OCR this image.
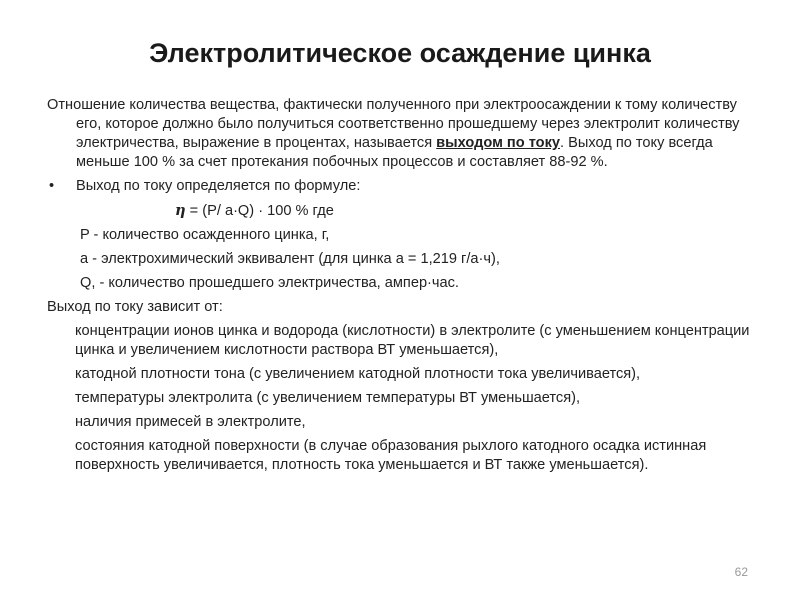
Электролитическое осаждение цинка

Отношение количества вещества, фактически полученного при электроосаждении к тому количеству его, которое должно было получиться соответственно прошедшему через электролит количеству электричества, выражение в процентах, называется выходом по току. Выход по току всегда меньше 100 % за счет протекания побочных процессов и составляет 88-92 %.

• Выход по току определяется по формуле:
η = (P/ a·Q) · 100 % где
P - количество осажденного цинка, г,
a - электрохимический эквивалент (для цинка a = 1,219 г/а·ч),
Q, - количество прошедшего электричества, ампер·час.
Выход по току зависит от:
концентрации ионов цинка и водорода (кислотности) в электролите (с уменьшением концентрации цинка и увеличением кислотности раствора ВТ уменьшается),
катодной плотности тона (с увеличением катодной плотности тока увеличивается),
температуры электролита (с увеличением температуры ВТ уменьшается),
наличия примесей в электролите,
состояния катодной поверхности (в случае образования рыхлого катодного осадка истинная поверхность увеличивается, плотность тока уменьшается и ВТ также уменьшается).
62
